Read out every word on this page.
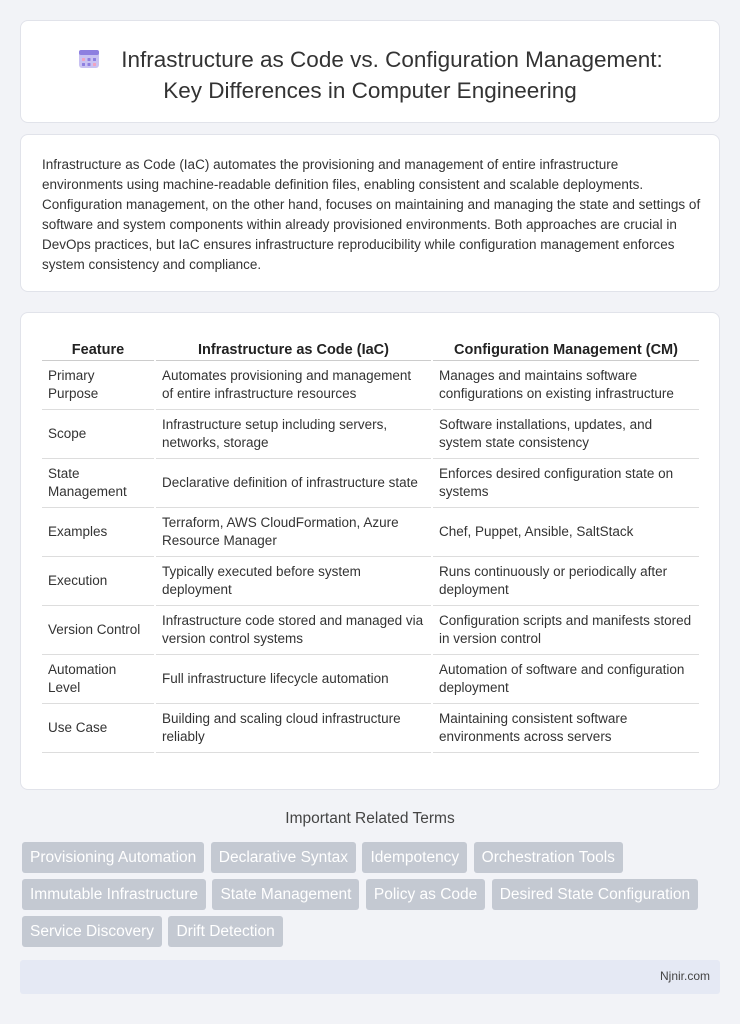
Infrastructure as Code vs. Configuration Management:
Key Differences in Computer Engineering

Infrastructure as Code (IaC) automates the provisioning and management of entire infrastructure environments using machine-readable definition files, enabling consistent and scalable deployments. Configuration management, on the other hand, focuses on maintaining and managing the state and settings of software and system components within already provisioned environments. Both approaches are crucial in DevOps practices, but IaC ensures infrastructure reproducibility while configuration management enforces system consistency and compliance.

Feature	Infrastructure as Code (IaC)	Configuration Management (CM)
Primary Purpose	Automates provisioning and management of entire infrastructure resources	Manages and maintains software configurations on existing infrastructure
Scope	Infrastructure setup including servers, networks, storage	Software installations, updates, and system state consistency
State Management	Declarative definition of infrastructure state	Enforces desired configuration state on systems
Examples	Terraform, AWS CloudFormation, Azure Resource Manager	Chef, Puppet, Ansible, SaltStack
Execution	Typically executed before system deployment	Runs continuously or periodically after deployment
Version Control	Infrastructure code stored and managed via version control systems	Configuration scripts and manifests stored in version control
Automation Level	Full infrastructure lifecycle automation	Automation of software and configuration deployment
Use Case	Building and scaling cloud infrastructure reliably	Maintaining consistent software environments across servers
Important Related Terms
Provisioning Automation Declarative Syntax Idempotency Orchestration Tools Immutable Infrastructure State Management Policy as Code Desired State Configuration Service Discovery Drift Detection
Njnir.com
